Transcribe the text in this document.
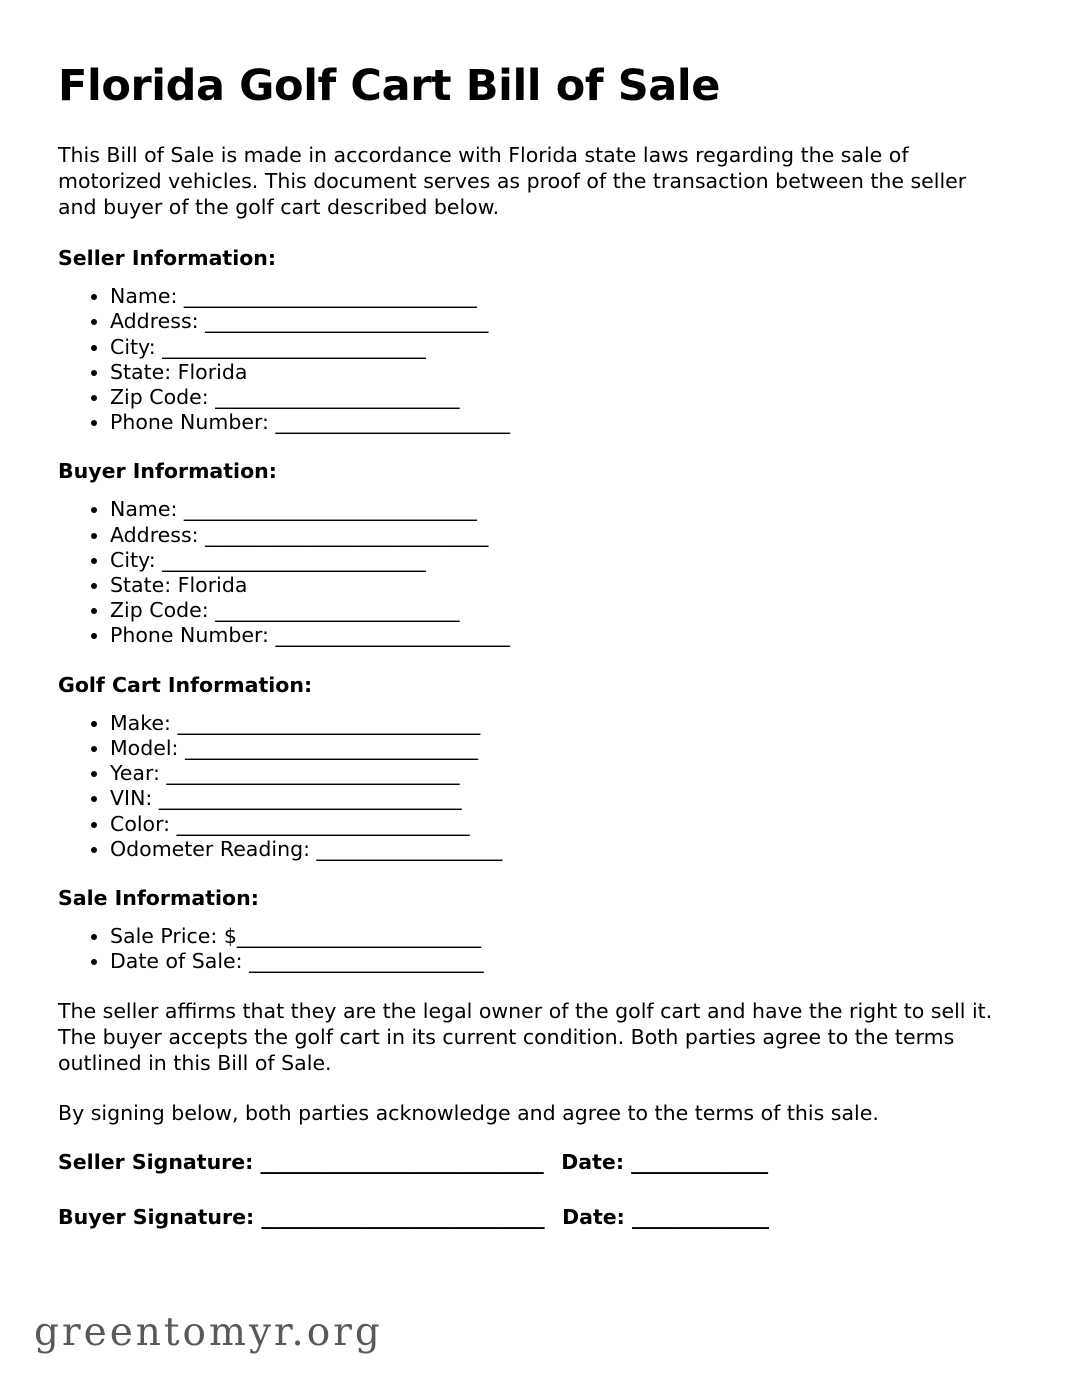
Florida Golf Cart Bill of Sale

This Bill of Sale is made in accordance with Florida state laws regarding the sale of motorized vehicles. This document serves as proof of the transaction between the seller and buyer of the golf cart described below.

Seller Information:
• Name: ______________________________
• Address: _____________________________
• City: ___________________________
• State: Florida
• Zip Code: _________________________
• Phone Number: ________________________
Buyer Information:
• Name: ______________________________
• Address: _____________________________
• City: ___________________________
• State: Florida
• Zip Code: _________________________
• Phone Number: ________________________
Golf Cart Information:
• Make: _______________________________
• Model: ______________________________
• Year: ______________________________
• VIN: _______________________________
• Color: ______________________________
• Odometer Reading: ___________________
Sale Information:
• Sale Price: $_________________________
• Date of Sale: ________________________

The seller affirms that they are the legal owner of the golf cart and have the right to sell it. The buyer accepts the golf cart in its current condition. Both parties agree to the terms outlined in this Bill of Sale.

By signing below, both parties acknowledge and agree to the terms of this sale.

Seller Signature: _____________________________ Date: ______________

Buyer Signature: _____________________________ Date: ______________

greentomyr.org
